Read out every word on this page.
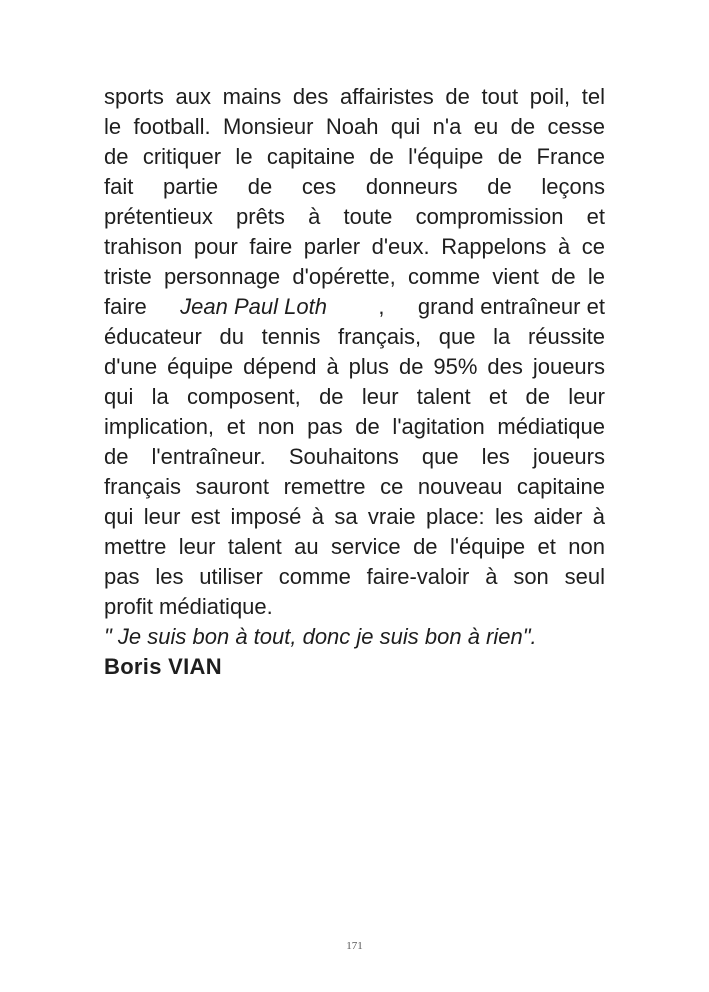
sports aux mains des affairistes de tout poil, tel
le football. Monsieur Noah qui n'a eu de cesse
de critiquer le capitaine de l'équipe de France
fait partie de ces donneurs de leçons
prétentieux prêts à toute compromission et
trahison pour faire parler d'eux. Rappelons à ce
triste personnage d'opérette, comme vient de le
faire Jean Paul Loth	, grand entraîneur et
éducateur du tennis français, que la réussite
d'une équipe dépend à plus de 95% des joueurs
qui la composent, de leur talent et de leur
implication, et non pas de l'agitation médiatique
de l'entraîneur. Souhaitons que les joueurs
français sauront remettre ce nouveau capitaine
qui leur est imposé à sa vraie place: les aider à
mettre leur talent au service de l'équipe et non
pas les utiliser comme faire-valoir à son seul
profit médiatique.
" Je suis bon à tout, donc je suis bon à rien".
Boris VIAN
171
